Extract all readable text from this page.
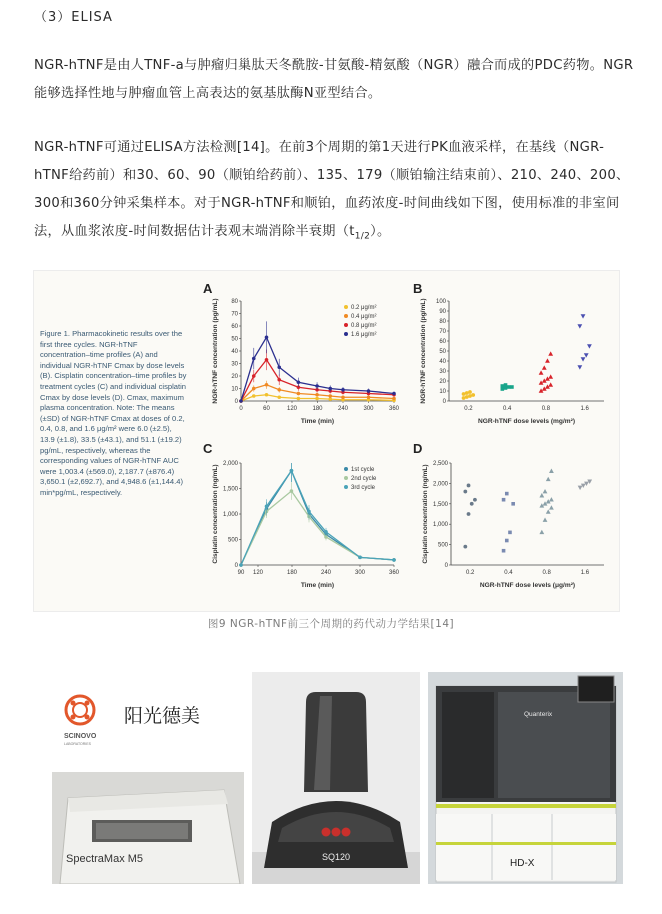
（3）ELISA
NGR-hTNF是由人TNF-a与肿瘤归巢肽天冬酰胺-甘氨酸-精氨酸（NGR）融合而成的PDC药物。NGR能够选择性地与肿瘤血管上高表达的氨基肽酶N亚型结合。
NGR-hTNF可通过ELISA方法检测[14]。在前3个周期的第1天进行PK血液采样，在基线（NGR-hTNF给药前）和30、60、90（顺铂给药前）、135、179（顺铂输注结束前）、210、240、200、300和360分钟采集样本。对于NGR-hTNF和顺铂，血药浓度-时间曲线如下图，使用标准的非室间法，从血浆浓度-时间数据估计表观末端消除半衰期$(t_{1/2})$。
Figure 1. Pharmacokinetic results over the first three cycles. NGR-hTNF concentration–time profiles (A) and individual NGR-hTNF Cmax by dose levels (B). Cisplatin concentration–time profiles by treatment cycles (C) and individual cisplatin Cmax by dose levels (D). Cmax, maximum plasma concentration. Note: The means (±SD) of NGR-hTNF Cmax at doses of 0.2, 0.4, 0.8, and 1.6 μg/m² were 6.0 (±2.5), 13.9 (±1.8), 33.5 (±43.1), and 51.1 (±19.2) pg/mL, respectively, whereas the corresponding values of NGR-hTNF AUC were 1,003.4 (±569.0), 2,187.7 (±876.4) 3,650.1 (±2,692.7), and 4,948.6 (±1,144.4) min*pg/mL, respectively.
A
0
10
20
30
40
50
60
70
80
Time (min)
NGR-hTNF concentration (pg/mL)
0	60	120	180	240	300	360
0.2 μg/m²
0.4 μg/m²
0.8 μg/m²
1.6 μg/m²
B
0
10
20
30
40
50
60
70
80
90
100
NGR-hTNF dose levels (mg/m²)
NGR-hTNF concentration (pg/mL)
0.2	0.4	0.8	1.6
C
0
500
1,000
1,500
2,000
Time (min)
Cisplatin concentration (ng/mL)
90 120	180	240	300	360
1st cycle
2nd cycle
3rd cycle
D
0
500
1,000
1,500
2,000
2,500
NGR-hTNF dose levels (μg/m²)
Cisplatin concentration (ng/mL)
0.2	0.4	0.8	1.6
图9 NGR-hTNF前三个周期的药代动力学结果[14]
SCINOVO
LABORATORIES
阳光德美
SpectraMax M5	SQ120
Quanterix
HD-X
